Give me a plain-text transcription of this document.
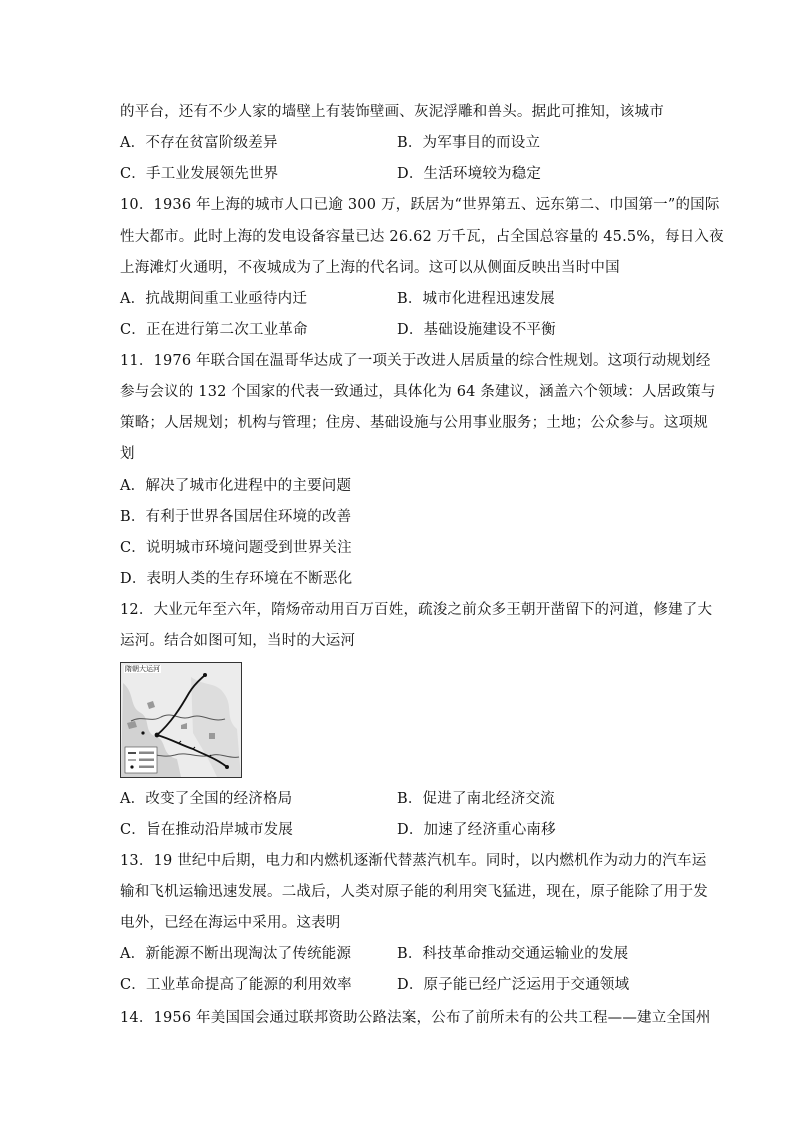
的平台，还有不少人家的墙壁上有装饰壁画、灰泥浮雕和兽头。据此可推知，该城市
A．不存在贫富阶级差异	B．为军事目的而设立
C．手工业发展领先世界	D．生活环境较为稳定
10．1936 年上海的城市人口已逾 300 万，跃居为“世界第五、远东第二、巾国第一”的国际
性大都市。此时上海的发电设备容量已达 26.62 万千瓦，占全国总容量的 45.5%，每日入夜
上海滩灯火通明，不夜城成为了上海的代名词。这可以从侧面反映出当时中国
A．抗战期间重工业亟待内迁	B．城市化进程迅速发展
C．正在进行第二次工业革命	D．基础设施建设不平衡
11．1976 年联合国在温哥华达成了一项关于改进人居质量的综合性规划。这项行动规划经
参与会议的 132 个国家的代表一致通过，具体化为 64 条建议，涵盖六个领域：人居政策与
策略；人居规划；机构与管理；住房、基础设施与公用事业服务；土地；公众参与。这项规
划
A．解决了城市化进程中的主要问题
B．有利于世界各国居住环境的改善
C．说明城市环境问题受到世界关注
D．表明人类的生存环境在不断恶化
12．大业元年至六年，隋炀帝动用百万百姓，疏浚之前众多王朝开凿留下的河道，修建了大
运河。结合如图可知，当时的大运河
隋朝大运河
A．改变了全国的经济格局	B．促进了南北经济交流
C．旨在推动沿岸城市发展	D．加速了经济重心南移
13．19 世纪中后期，电力和内燃机逐渐代替蒸汽机车。同时，以内燃机作为动力的汽车运
输和飞机运输迅速发展。二战后，人类对原子能的利用突飞猛进，现在，原子能除了用于发
电外，已经在海运中采用。这表明
A．新能源不断出现淘汰了传统能源	B．科技革命推动交通运输业的发展
C．工业革命提高了能源的利用效率	D．原子能已经广泛运用于交通领域
14．1956 年美国国会通过联邦资助公路法案，公布了前所未有的公共工程——建立全国州
